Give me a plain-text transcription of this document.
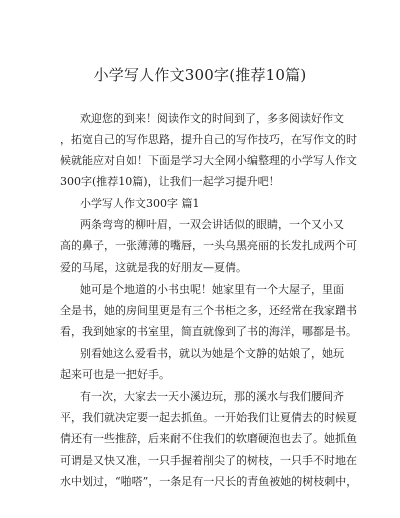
小学写人作文300字(推荐10篇)
欢迎您的到来！阅读作文的时间到了，多多阅读好作文
，拓宽自己的写作思路，提升自己的写作技巧，在写作文的时
候就能应对自如！下面是学习大全网小编整理的小学写人作文
300字(推荐10篇)，让我们一起学习提升吧！
小学写人作文300字 篇1
两条弯弯的柳叶眉，一双会讲话似的眼睛，一个又小又
高的鼻子，一张薄薄的嘴唇，一头乌黑亮丽的长发扎成两个可
爱的马尾，这就是我的好朋友—夏倩。
她可是个地道的小书虫呢！她家里有一个大屋子，里面
全是书，她的房间里更是有三个书柜之多，还经常在我家蹭书
看，我到她家的书室里，简直就像到了书的海洋，哪都是书。
别看她这么爱看书，就以为她是个文静的姑娘了，她玩
起来可也是一把好手。
有一次，大家去一天小溪边玩，那的溪水与我们腰间齐
平，我们就决定要一起去抓鱼。一开始我们让夏倩去的时候夏
倩还有一些推辞，后来耐不住我们的软磨硬泡也去了。她抓鱼
可谓是又快又准，一只手握着削尖了的树枝，一只手不时地在
水中划过，“啪嗒”，一条足有一尺长的青鱼被她的树枝刺中，
